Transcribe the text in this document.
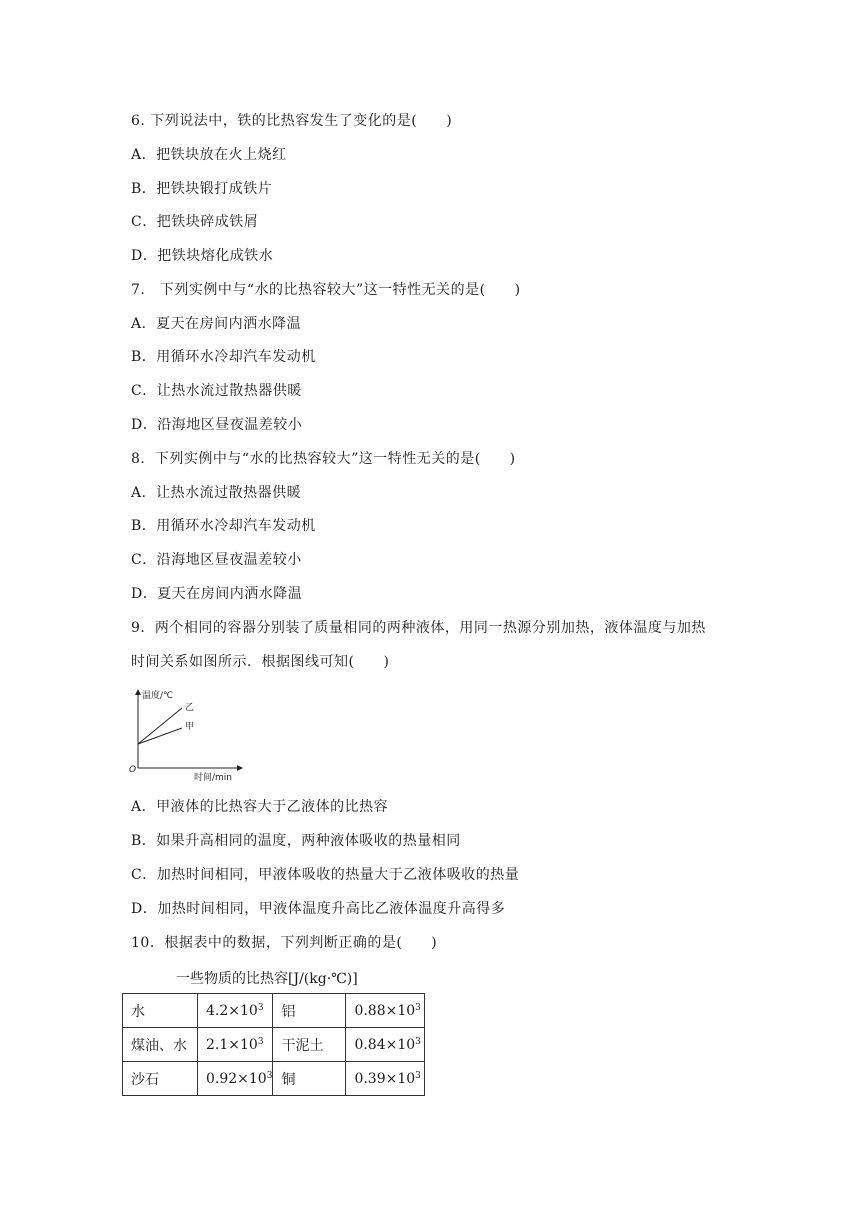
6. 下列说法中，铁的比热容发生了变化的是(　　)
A．把铁块放在火上烧红
B．把铁块锻打成铁片
C．把铁块碎成铁屑
D．把铁块熔化成铁水
7.　下列实例中与“水的比热容较大”这一特性无关的是(　　)
A．夏天在房间内洒水降温
B．用循环水冷却汽车发动机
C．让热水流过散热器供暖
D．沿海地区昼夜温差较小
8．下列实例中与“水的比热容较大”这一特性无关的是(　　)
A．让热水流过散热器供暖
B．用循环水冷却汽车发动机
C．沿海地区昼夜温差较小
D．夏天在房间内洒水降温
9．两个相同的容器分别装了质量相同的两种液体，用同一热源分别加热，液体温度与加热
时间关系如图所示．根据图线可知(　　)
温度/℃
时间/min
O
乙
甲
A．甲液体的比热容大于乙液体的比热容
B．如果升高相同的温度，两种液体吸收的热量相同
C．加热时间相同，甲液体吸收的热量大于乙液体吸收的热量
D．加热时间相同，甲液体温度升高比乙液体温度升高得多
10．根据表中的数据，下列判断正确的是(　　)
一些物质的比热容[J/(kg·℃)]
水	$4.2\times 10^3$	铝	$0.88\times 10^3$
煤油、水	$2.1\times 10^3$	干泥土	$0.84\times 10^3$
沙石	$0.92\times 10^3$	铜	$0.39\times 10^3$
